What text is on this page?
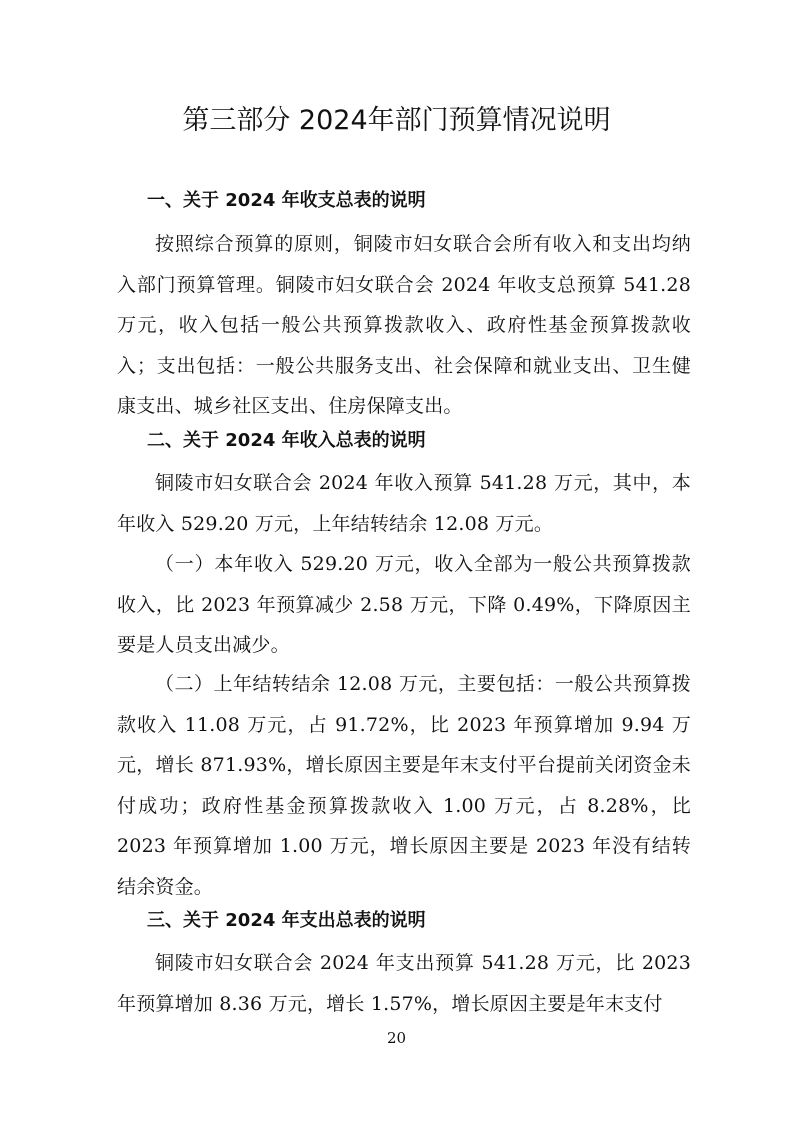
第三部分 2024年部门预算情况说明
一、关于 2024 年收支总表的说明

按照综合预算的原则，铜陵市妇女联合会所有收入和支出均纳入部门预算管理。铜陵市妇女联合会 2024 年收支总预算 541.28 万元，收入包括一般公共预算拨款收入、政府性基金预算拨款收入；支出包括：一般公共服务支出、社会保障和就业支出、卫生健康支出、城乡社区支出、住房保障支出。

二、关于 2024 年收入总表的说明

铜陵市妇女联合会 2024 年收入预算 541.28 万元，其中，本年收入 529.20 万元，上年结转结余 12.08 万元。

（一）本年收入 529.20 万元，收入全部为一般公共预算拨款收入，比 2023 年预算减少 2.58 万元，下降 0.49%，下降原因主要是人员支出减少。

（二）上年结转结余 12.08 万元，主要包括：一般公共预算拨款收入 11.08 万元，占 91.72%，比 2023 年预算增加 9.94 万元，增长 871.93%，增长原因主要是年末支付平台提前关闭资金未付成功；政府性基金预算拨款收入 1.00 万元，占 8.28%，比 2023 年预算增加 1.00 万元，增长原因主要是 2023 年没有结转结余资金。

三、关于 2024 年支出总表的说明

铜陵市妇女联合会 2024 年支出预算 541.28 万元，比 2023 年预算增加 8.36 万元，增长 1.57%，增长原因主要是年末支付

20
